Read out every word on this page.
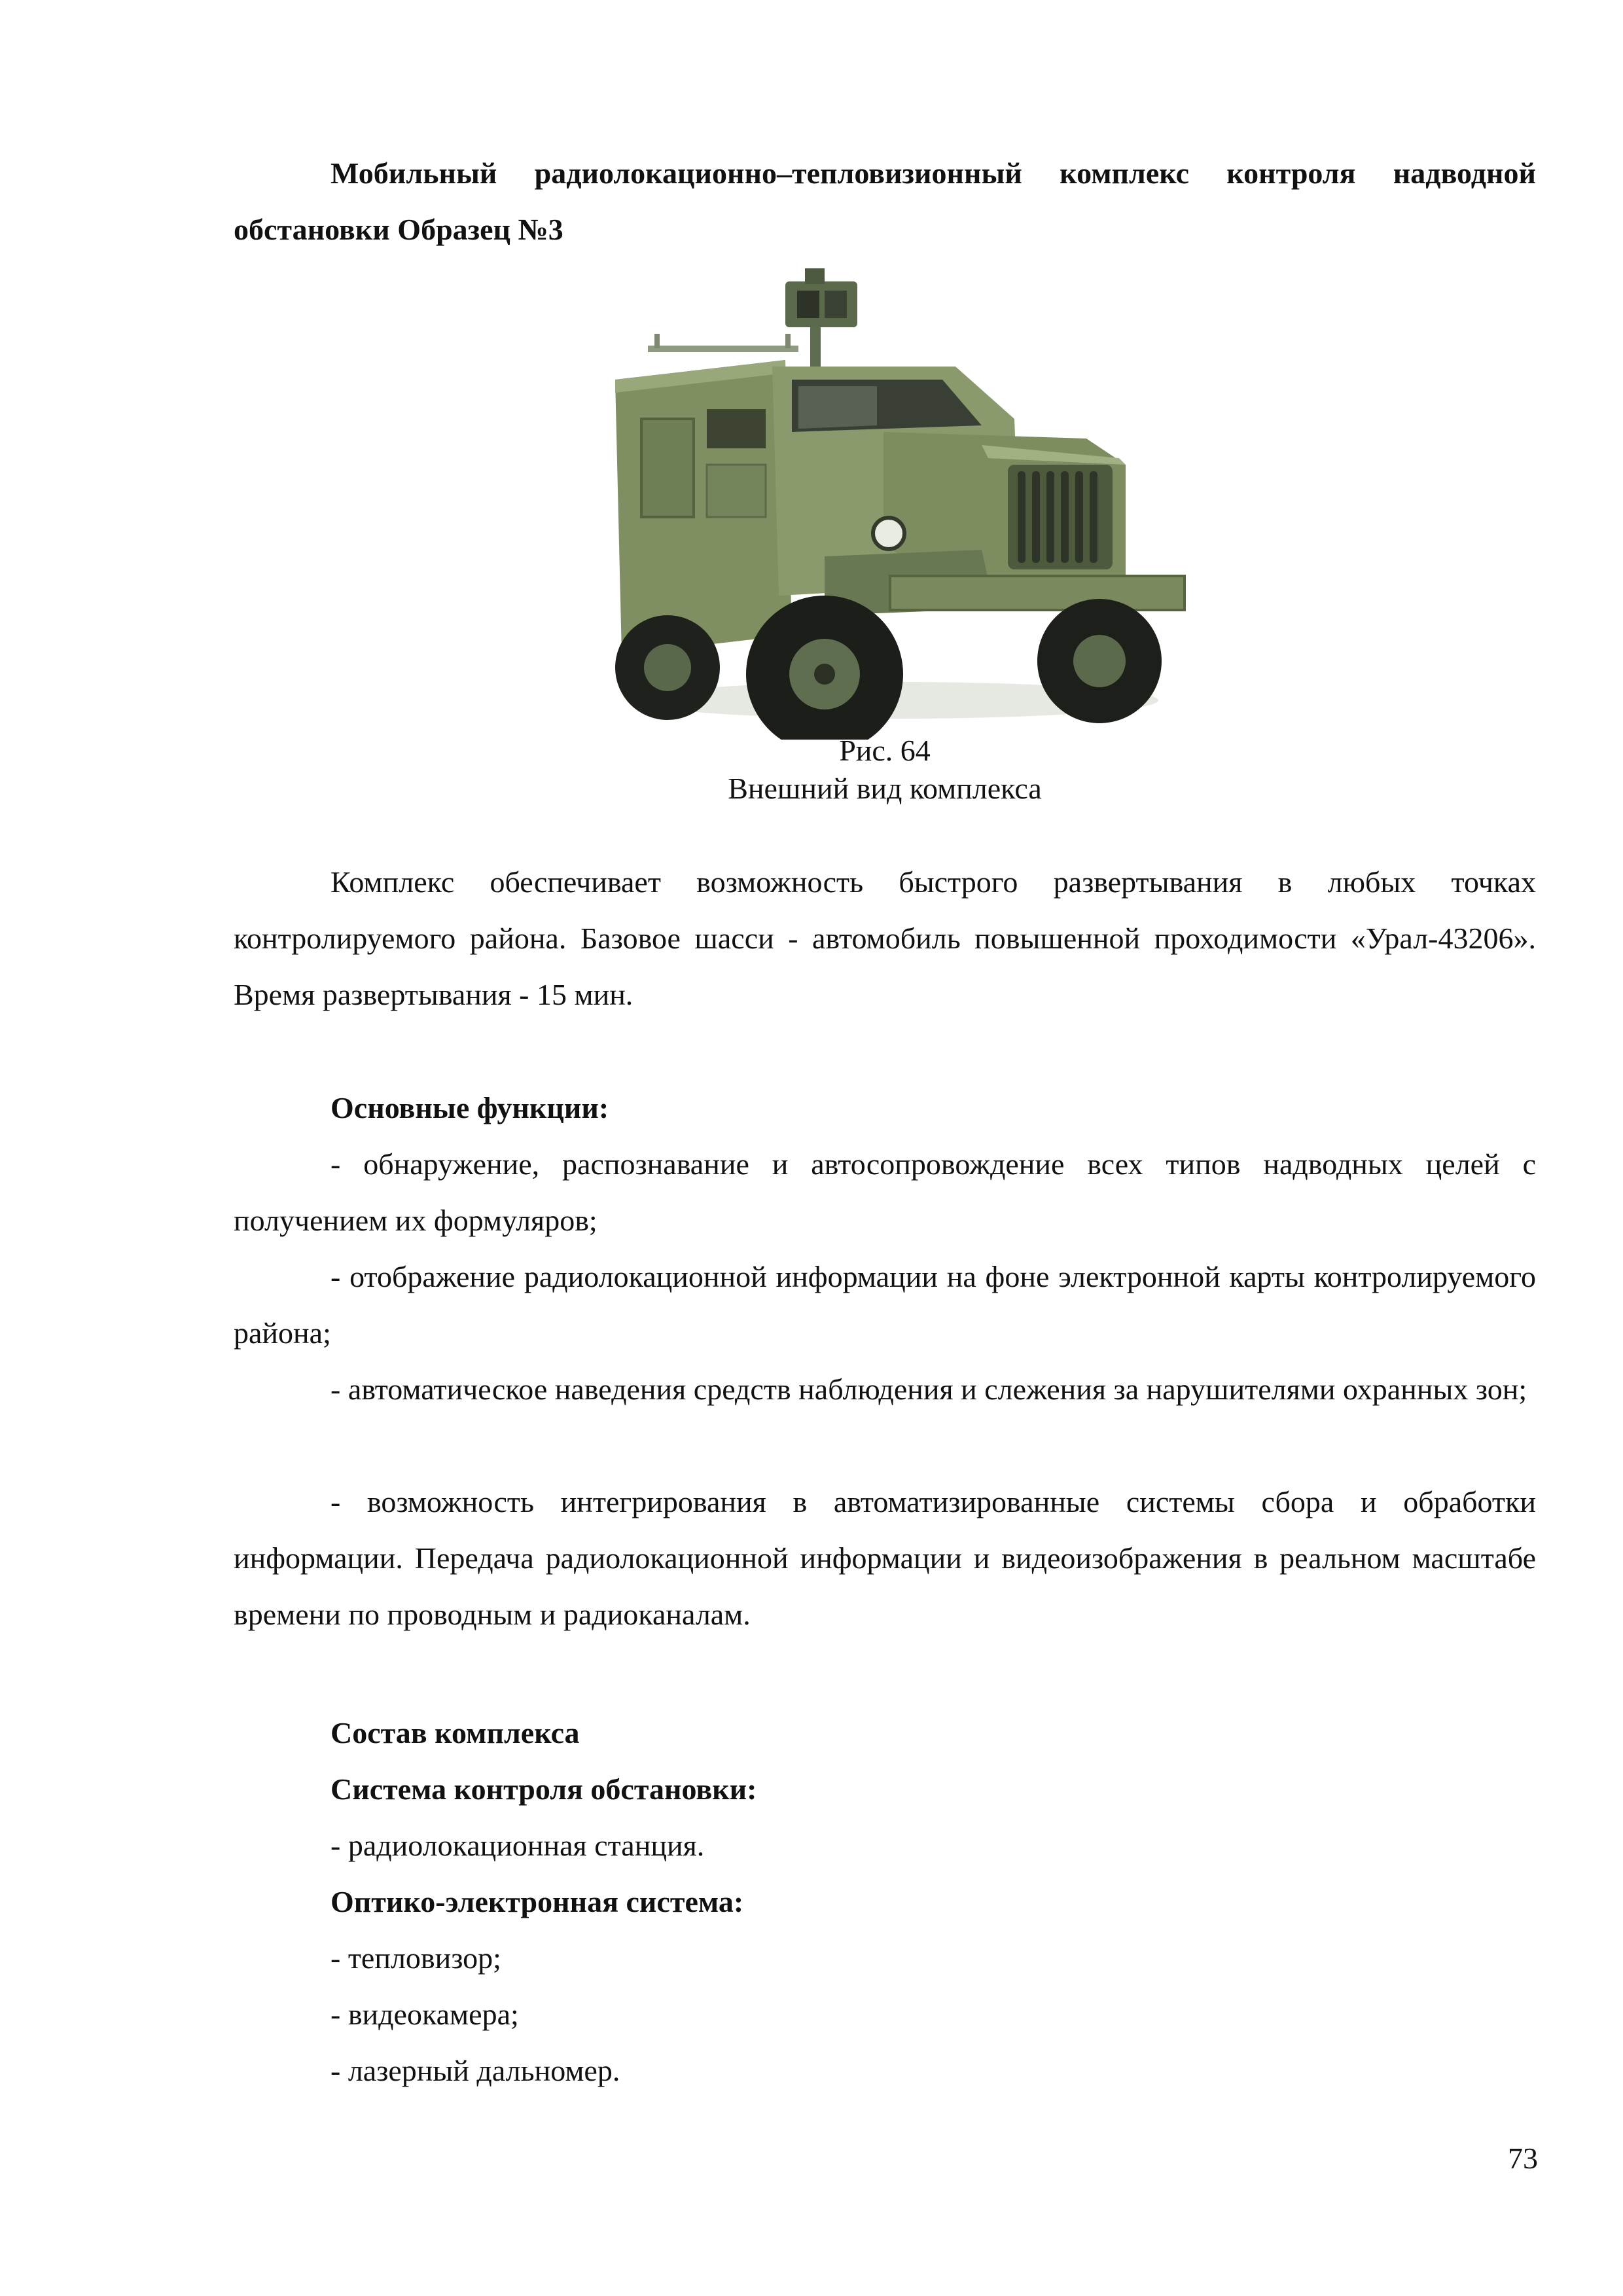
Мобильный радиолокационно–тепловизионный комплекс контроля надводной обстановки Образец №3
Рис. 64
Внешний вид комплекса
Комплекс обеспечивает возможность быстрого развертывания в любых точках контролируемого района. Базовое шасси - автомобиль повышенной проходимости «Урал-43206». Время развертывания - 15 мин.
Основные функции:
- обнаружение, распознавание и автосопровождение всех типов надводных целей с получением их формуляров;
- отображение радиолокационной информации на фоне электронной карты контролируемого района;
- автоматическое наведения средств наблюдения и слежения за нарушителями охранных зон;
- возможность интегрирования в автоматизированные системы сбора и обработки информации. Передача радиолокационной информации и видеоизображения в реальном масштабе времени по проводным и радиоканалам.
Состав комплекса
Система контроля обстановки:
- радиолокационная станция.
Оптико-электронная система:
- тепловизор;
- видеокамера;
- лазерный дальномер.
73
